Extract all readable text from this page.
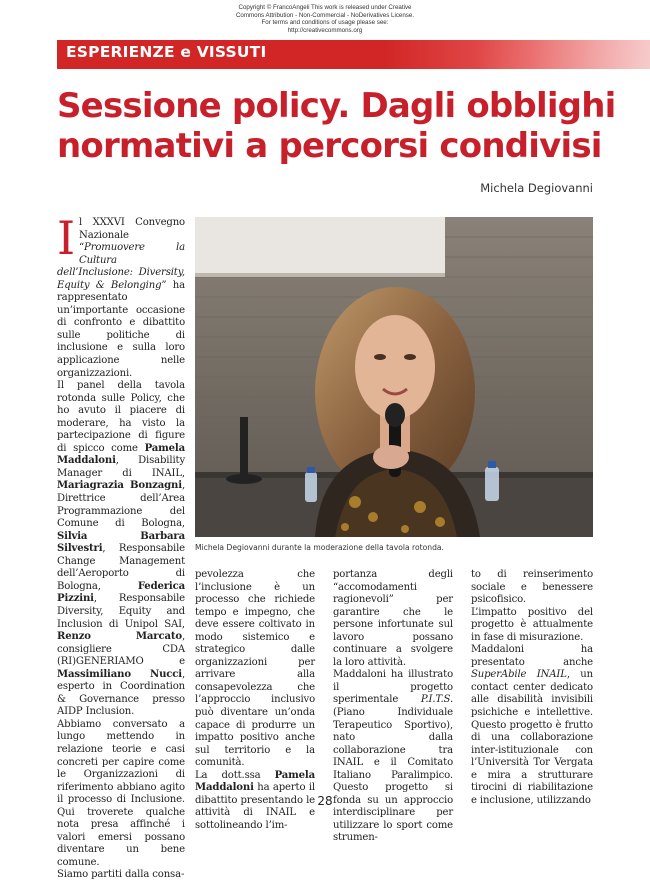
Copyright © FrancoAngeli This work is released under Creative
Commons Attribution - Non-Commercial - NoDerivatives License.
For terms and conditions of usage please see:
http://creativecommons.org
ESPERIENZE e VISSUTI
Sessione policy. Dagli obblighi
normativi a percorsi condivisi
Michela Degiovanni

Il XXXVI Convegno Nazionale “Promuovere la Cultura dell’Inclusione: Diversity, Equity & Belonging” ha rappresentato un’importante occasione di confronto e dibattito sulle politiche di inclusione e sulla loro applicazione nelle organizzazioni.

Il panel della tavola rotonda sulle Policy, che ho avuto il piacere di moderare, ha visto la partecipazione di figure di spicco come Pamela Maddaloni, Disability Manager di INAIL, Mariagrazia Bonzagni, Direttrice dell’Area Programmazione del Comune di Bologna, Silvia Barbara Silvestri, Responsabile Change Management dell’Aeroporto di Bologna, Federica Pizzini, Responsabile Diversity, Equity and Inclusion di Unipol SAI, Renzo Marcato, consigliere CDA (RI)GENERIAMO e Massimiliano Nucci, esperto in Coordination & Governance presso AIDP Inclusion.

Abbiamo conversato a lungo mettendo in relazione teorie e casi concreti per capire come le Organizzazioni di riferimento abbiano agito il processo di Inclusione. Qui troverete qualche nota presa affinché i valori emersi possano diventare un bene comune.

Siamo partiti dalla consa-

Michela Degiovanni durante la moderazione della tavola rotonda.

pevolezza che l’inclusione è un processo che richiede tempo e impegno, che deve essere coltivato in modo sistemico e strategico dalle organizzazioni per arrivare alla consapevolezza che l’approccio inclusivo può diventare un’onda capace di produrre un impatto positivo anche sul territorio e la comunità.

La dott.ssa Pamela Maddaloni ha aperto il dibattito presentando le attività di INAIL e sottolineando l’im-

portanza degli “accomodamenti ragionevoli” per garantire che le persone infortunate sul lavoro possano continuare a svolgere la loro attività.

Maddaloni ha illustrato il progetto sperimentale P.I.T.S. (Piano Individuale Terapeutico Sportivo), nato dalla collaborazione tra INAIL e il Comitato Italiano Paralimpico. Questo progetto si fonda su un approccio interdisciplinare per utilizzare lo sport come strumen-

to di reinserimento sociale e benessere psicofisico.

L’impatto positivo del progetto è attualmente in fase di misurazione.

Maddaloni ha presentato anche SuperAbile INAIL, un contact center dedicato alle disabilità invisibili psichiche e intellettive. Questo progetto è frutto di una collaborazione inter-istituzionale con l’Università Tor Vergata e mira a strutturare tirocini di riabilitazione e inclusione, utilizzando

28
